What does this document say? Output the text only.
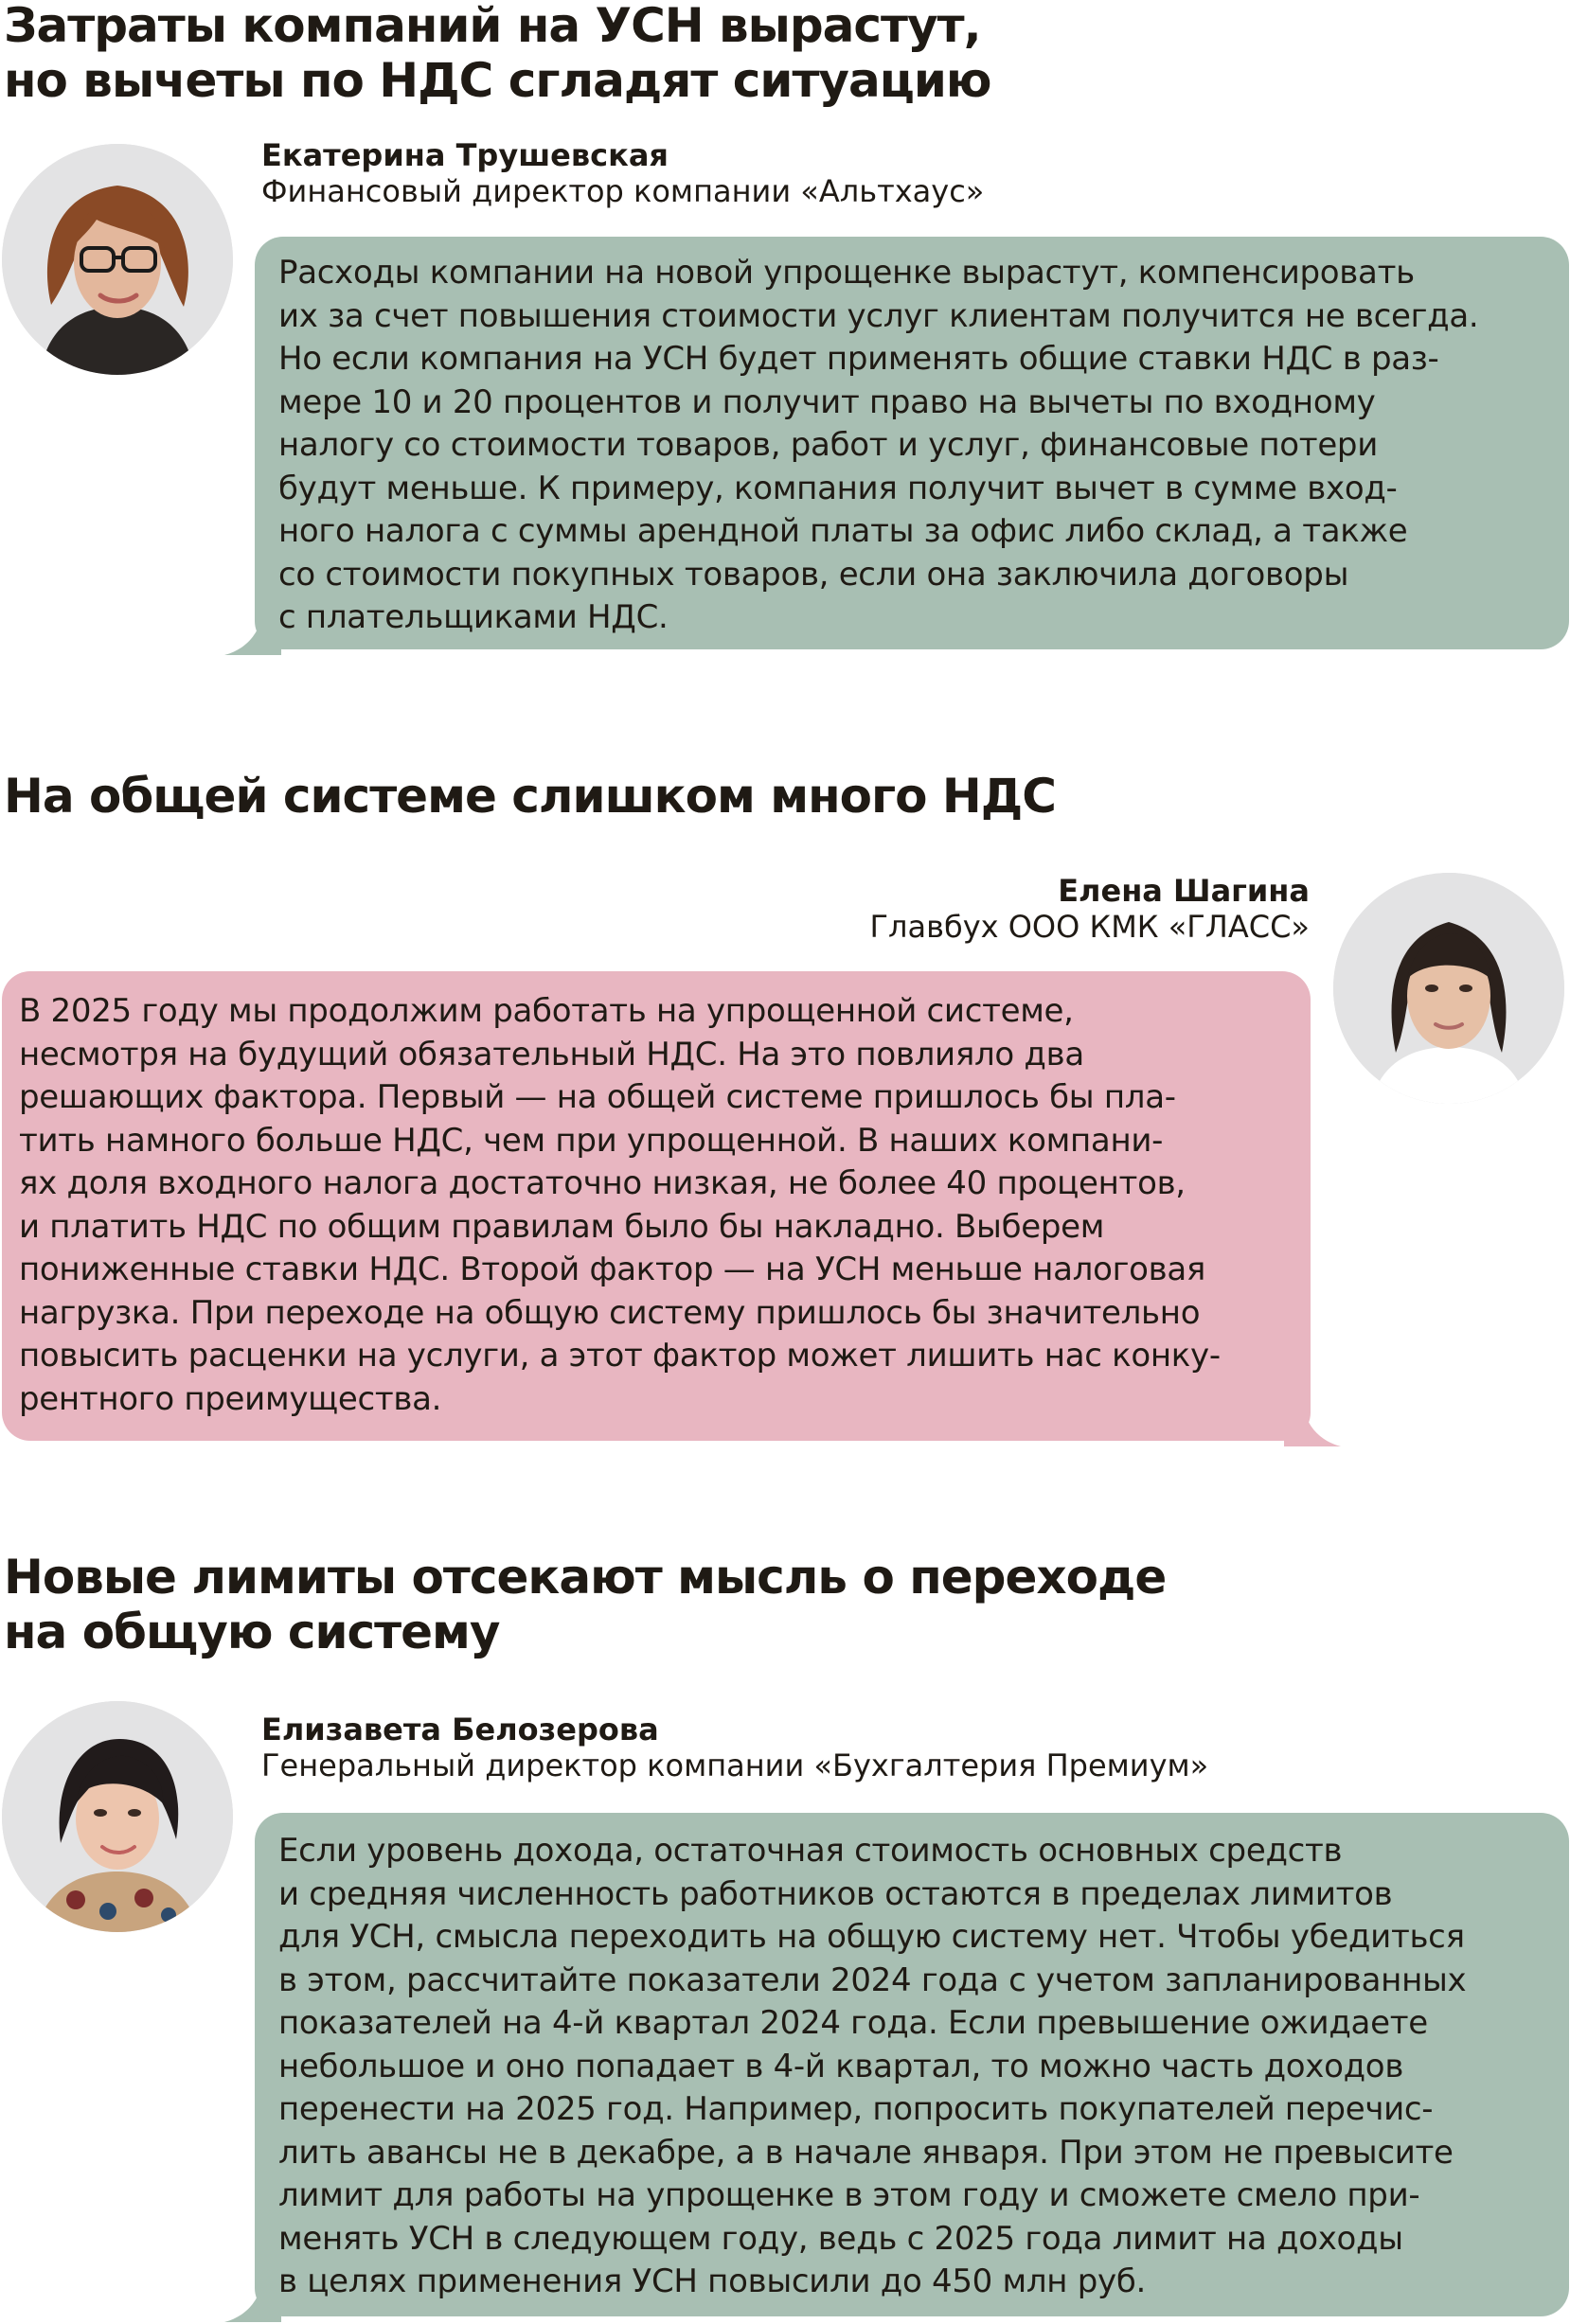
Затраты компаний на УСН вырастут,
но вычеты по НДС сгладят ситуацию

Екатерина Трушевская

Финансовый директор компании «Альтхаус»

Расходы компании на новой упрощенке вырастут, компенсировать
их за счет повышения стоимости услуг клиентам получится не всегда.
Но если компания на УСН будет применять общие ставки НДС в раз-
мере 10 и 20 процентов и получит право на вычеты по входному
налогу со стоимости товаров, работ и услуг, финансовые потери
будут меньше. К примеру, компания получит вычет в сумме вход-
ного налога с суммы арендной платы за офис либо склад, а также
со стоимости покупных товаров, если она заключила договоры
с плательщиками НДС.
На общей системе слишком много НДС

Елена Шагина

Главбух ООО КМК «ГЛАСС»

В 2025 году мы продолжим работать на упрощенной системе,
несмотря на будущий обязательный НДС. На это повлияло два
решающих фактора. Первый — на общей системе пришлось бы пла-
тить намного больше НДС, чем при упрощенной. В наших компани-
ях доля входного налога достаточно низкая, не более 40 процентов,
и платить НДС по общим правилам было бы накладно. Выберем
пониженные ставки НДС. Второй фактор — на УСН меньше налоговая
нагрузка. При переходе на общую систему пришлось бы значительно
повысить расценки на услуги, а этот фактор может лишить нас конку-
рентного преимущества.
Новые лимиты отсекают мысль о переходе
на общую систему

Елизавета Белозерова

Генеральный директор компании «Бухгалтерия Премиум»

Если уровень дохода, остаточная стоимость основных средств
и средняя численность работников остаются в пределах лимитов
для УСН, смысла переходить на общую систему нет. Чтобы убедиться
в этом, рассчитайте показатели 2024 года с учетом запланированных
показателей на 4-й квартал 2024 года. Если превышение ожидаете
небольшое и оно попадает в 4-й квартал, то можно часть доходов
перенести на 2025 год. Например, попросить покупателей перечис-
лить авансы не в декабре, а в начале января. При этом не превысите
лимит для работы на упрощенке в этом году и сможете смело при-
менять УСН в следующем году, ведь с 2025 года лимит на доходы
в целях применения УСН повысили до 450 млн руб.
